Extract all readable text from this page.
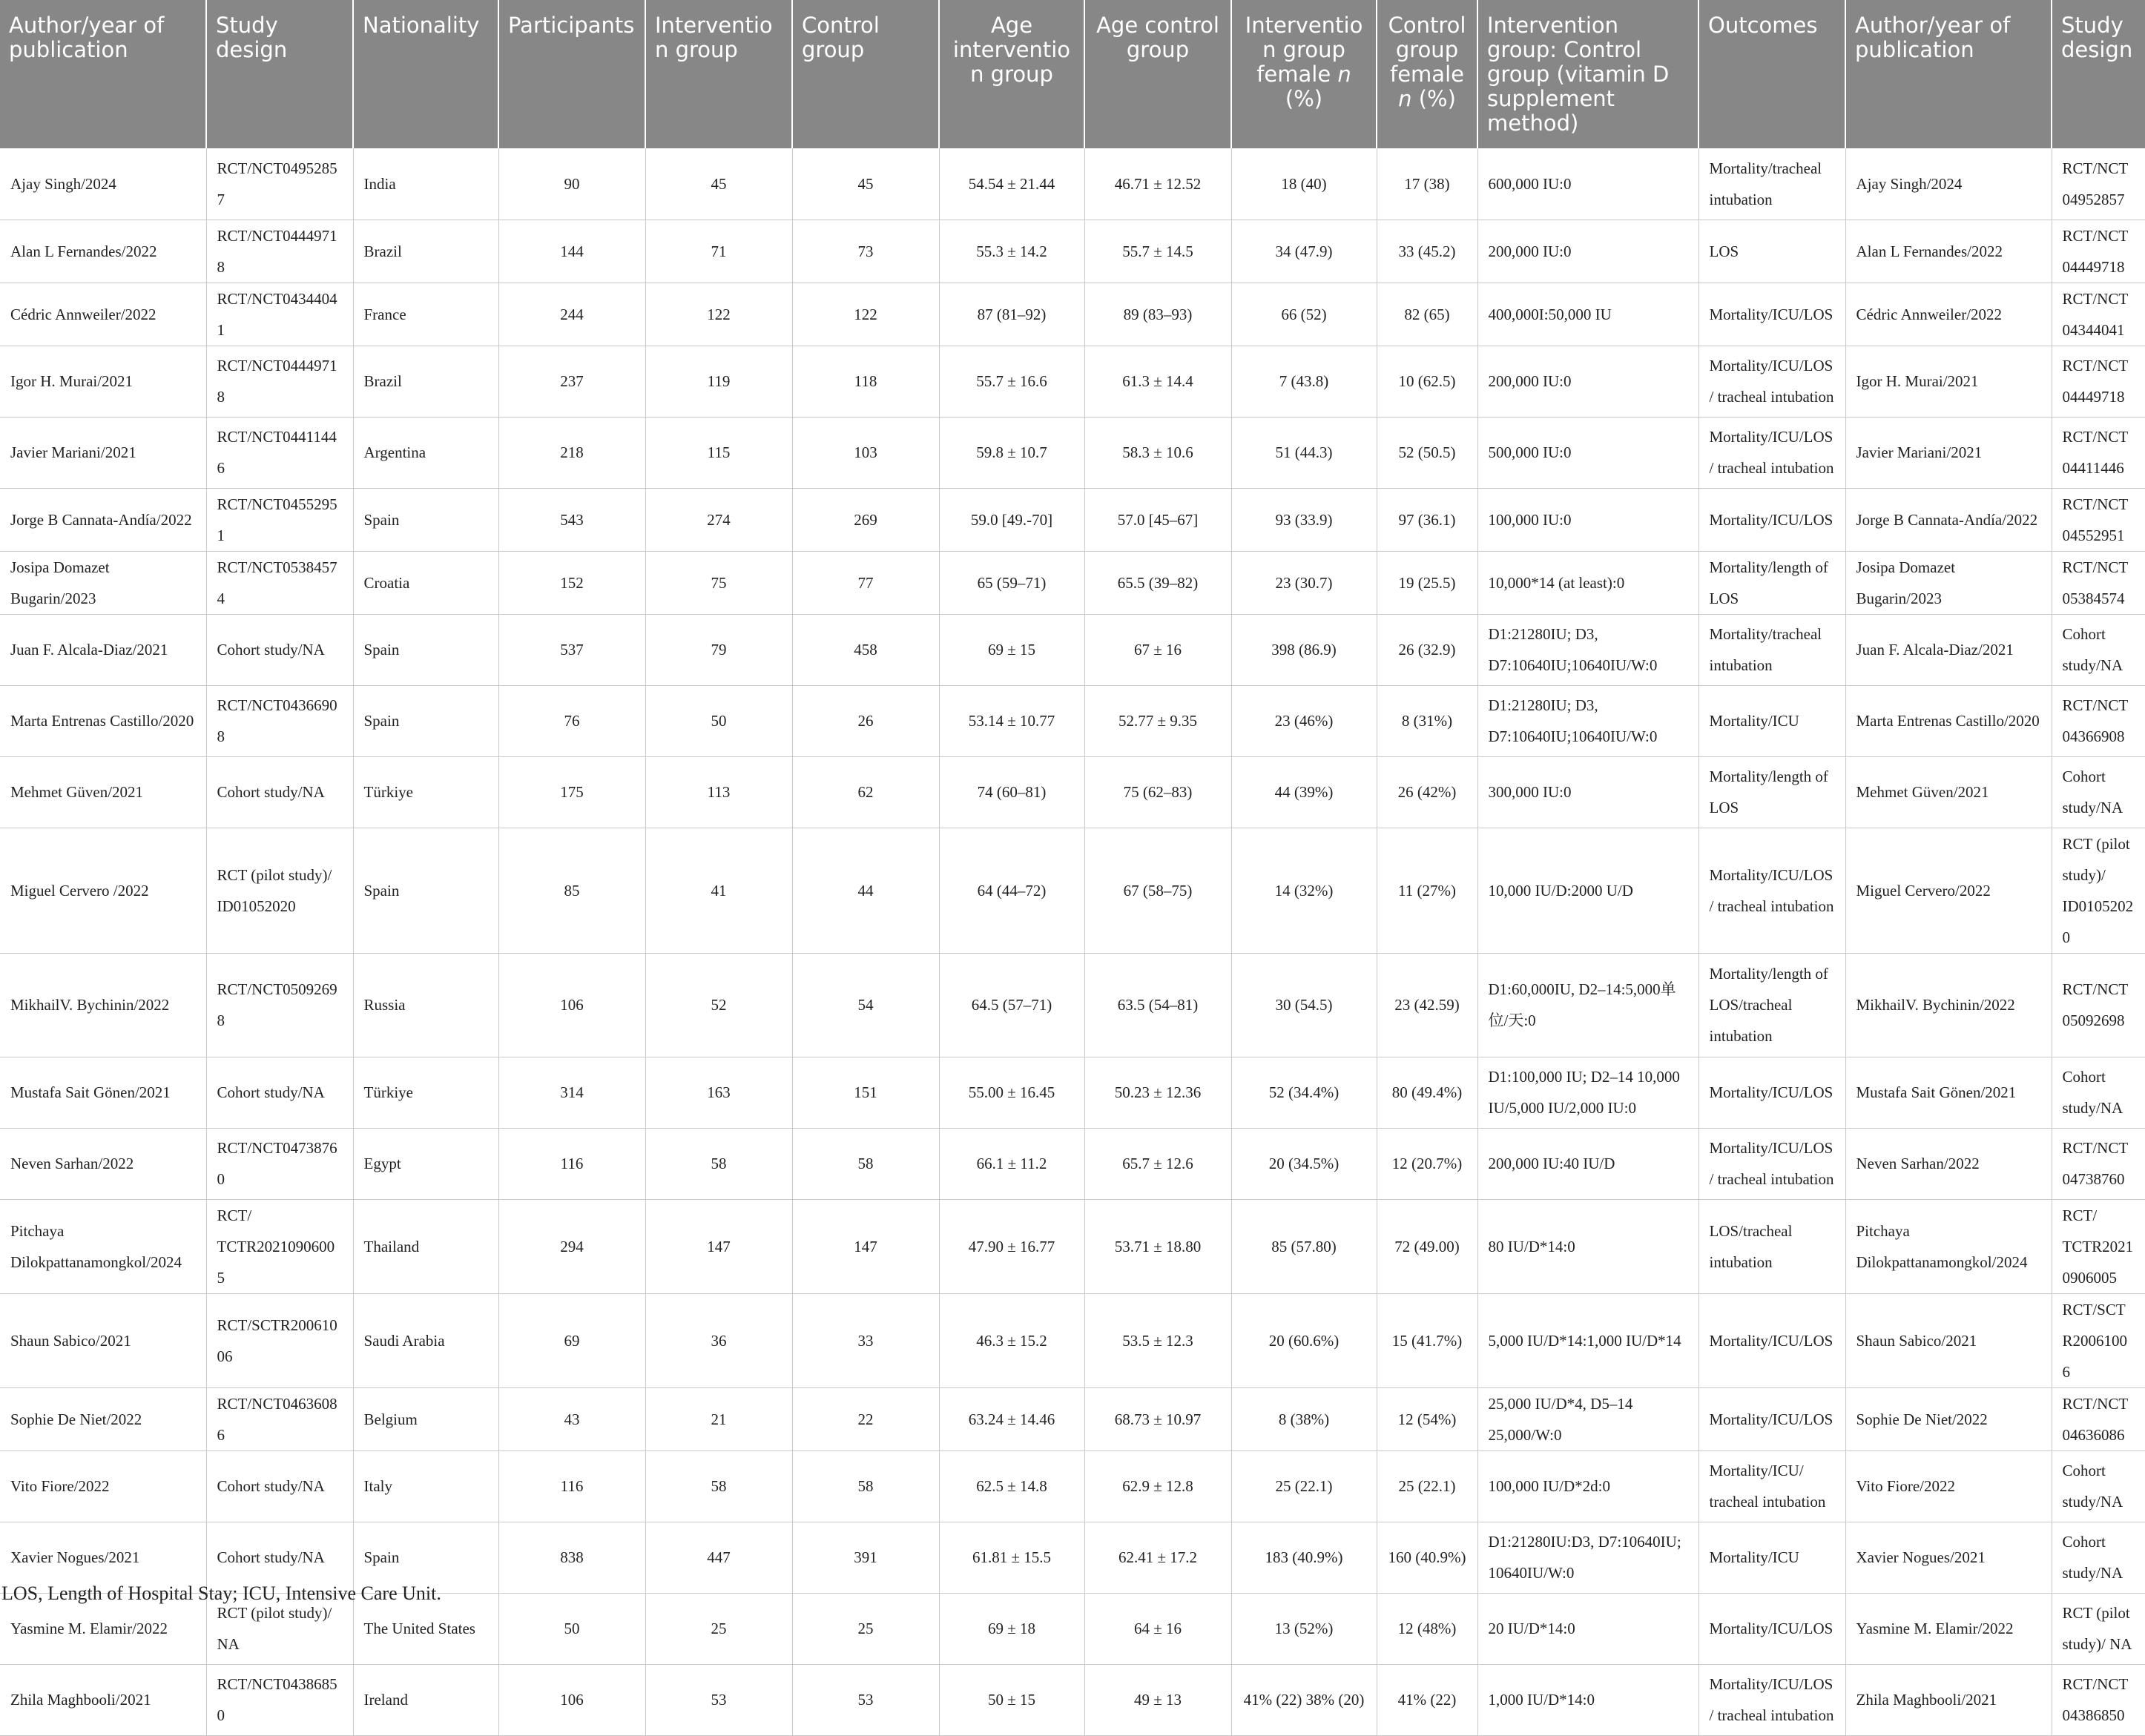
Author/year of publication	Study design	Nationality	Participants	Intervention group	Control group	Age intervention group	Age control group	Intervention group female n (%)	Control group female n (%)	Intervention group: Control group (vitamin D supplement method)	Outcomes	Author/year of publication	Study design
Ajay Singh/2024	RCT/NCT04952857	India	90	45	45	54.54 ± 21.44	46.71 ± 12.52	18 (40)	17 (38)	600,000 IU:0	Mortality/tracheal intubation	Ajay Singh/2024	RCT/NCT04952857
Alan L Fernandes/2022	RCT/NCT04449718	Brazil	144	71	73	55.3 ± 14.2	55.7 ± 14.5	34 (47.9)	33 (45.2)	200,000 IU:0	LOS	Alan L Fernandes/2022	RCT/NCT04449718
Cédric Annweiler/2022	RCT/NCT04344041	France	244	122	122	87 (81–92)	89 (83–93)	66 (52)	82 (65)	400,000I:50,000 IU	Mortality/ICU/LOS	Cédric Annweiler/2022	RCT/NCT04344041
Igor H. Murai/2021	RCT/NCT04449718	Brazil	237	119	118	55.7 ± 16.6	61.3 ± 14.4	7 (43.8)	10 (62.5)	200,000 IU:0	Mortality/ICU/LOS/ tracheal intubation	Igor H. Murai/2021	RCT/NCT04449718
Javier Mariani/2021	RCT/NCT04411446	Argentina	218	115	103	59.8 ± 10.7	58.3 ± 10.6	51 (44.3)	52 (50.5)	500,000 IU:0	Mortality/ICU/LOS/ tracheal intubation	Javier Mariani/2021	RCT/NCT04411446
Jorge B Cannata-Andía/2022	RCT/NCT04552951	Spain	543	274	269	59.0 [49.-70]	57.0 [45–67]	93 (33.9)	97 (36.1)	100,000 IU:0	Mortality/ICU/LOS	Jorge B Cannata-Andía/2022	RCT/NCT04552951
Josipa Domazet Bugarin/2023	RCT/NCT05384574	Croatia	152	75	77	65 (59–71)	65.5 (39–82)	23 (30.7)	19 (25.5)	10,000*14 (at least):0	Mortality/length of LOS	Josipa Domazet Bugarin/2023	RCT/NCT05384574
Juan F. Alcala-Diaz/2021	Cohort study/NA	Spain	537	79	458	69 ± 15	67 ± 16	398 (86.9)	26 (32.9)	D1:21280IU; D3, D7:10640IU;10640IU/W:0	Mortality/tracheal intubation	Juan F. Alcala-Diaz/2021	Cohort study/NA
Marta Entrenas Castillo/2020	RCT/NCT04366908	Spain	76	50	26	53.14 ± 10.77	52.77 ± 9.35	23 (46%)	8 (31%)	D1:21280IU; D3, D7:10640IU;10640IU/W:0	Mortality/ICU	Marta Entrenas Castillo/2020	RCT/NCT04366908
Mehmet Güven/2021	Cohort study/NA	Türkiye	175	113	62	74 (60–81)	75 (62–83)	44 (39%)	26 (42%)	300,000 IU:0	Mortality/length of LOS	Mehmet Güven/2021	Cohort study/NA
Miguel Cervero /2022	RCT (pilot study)/ ID01052020	Spain	85	41	44	64 (44–72)	67 (58–75)	14 (32%)	11 (27%)	10,000 IU/D:2000 U/D	Mortality/ICU/LOS/ tracheal intubation	Miguel Cervero/2022	RCT (pilot study)/ ID01052020
MikhailV. Bychinin/2022	RCT/NCT05092698	Russia	106	52	54	64.5 (57–71)	63.5 (54–81)	30 (54.5)	23 (42.59)	D1:60,000IU, D2–14:5,000单位/天:0	Mortality/length of LOS/tracheal intubation	MikhailV. Bychinin/2022	RCT/NCT05092698
Mustafa Sait Gönen/2021	Cohort study/NA	Türkiye	314	163	151	55.00 ± 16.45	50.23 ± 12.36	52 (34.4%)	80 (49.4%)	D1:100,000 IU; D2–14 10,000 IU/5,000 IU/2,000 IU:0	Mortality/ICU/LOS	Mustafa Sait Gönen/2021	Cohort study/NA
Neven Sarhan/2022	RCT/NCT04738760	Egypt	116	58	58	66.1 ± 11.2	65.7 ± 12.6	20 (34.5%)	12 (20.7%)	200,000 IU:40 IU/D	Mortality/ICU/LOS/ tracheal intubation	Neven Sarhan/2022	RCT/NCT04738760
Pitchaya Dilokpattanamongkol/2024	RCT/ TCTR20210906005	Thailand	294	147	147	47.90 ± 16.77	53.71 ± 18.80	85 (57.80)	72 (49.00)	80 IU/D*14:0	LOS/tracheal intubation	Pitchaya Dilokpattanamongkol/2024	RCT/ TCTR20210906005
Shaun Sabico/2021	RCT/SCTR20061006	Saudi Arabia	69	36	33	46.3 ± 15.2	53.5 ± 12.3	20 (60.6%)	15 (41.7%)	5,000 IU/D*14:1,000 IU/D*14	Mortality/ICU/LOS	Shaun Sabico/2021	RCT/SCTR20061006
Sophie De Niet/2022	RCT/NCT04636086	Belgium	43	21	22	63.24 ± 14.46	68.73 ± 10.97	8 (38%)	12 (54%)	25,000 IU/D*4, D5–14 25,000/W:0	Mortality/ICU/LOS	Sophie De Niet/2022	RCT/NCT04636086
Vito Fiore/2022	Cohort study/NA	Italy	116	58	58	62.5 ± 14.8	62.9 ± 12.8	25 (22.1)	25 (22.1)	100,000 IU/D*2d:0	Mortality/ICU/ tracheal intubation	Vito Fiore/2022	Cohort study/NA
Xavier Nogues/2021	Cohort study/NA	Spain	838	447	391	61.81 ± 15.5	62.41 ± 17.2	183 (40.9%)	160 (40.9%)	D1:21280IU:D3, D7:10640IU; 10640IU/W:0	Mortality/ICU	Xavier Nogues/2021	Cohort study/NA
Yasmine M. Elamir/2022	RCT (pilot study)/ NA	The United States	50	25	25	69 ± 18	64 ± 16	13 (52%)	12 (48%)	20 IU/D*14:0	Mortality/ICU/LOS	Yasmine M. Elamir/2022	RCT (pilot study)/ NA
Zhila Maghbooli/2021	RCT/NCT04386850	Ireland	106	53	53	50 ± 15	49 ± 13	41% (22) 38% (20)	41% (22)	1,000 IU/D*14:0	Mortality/ICU/LOS/ tracheal intubation	Zhila Maghbooli/2021	RCT/NCT04386850
LOS, Length of Hospital Stay; ICU, Intensive Care Unit.
